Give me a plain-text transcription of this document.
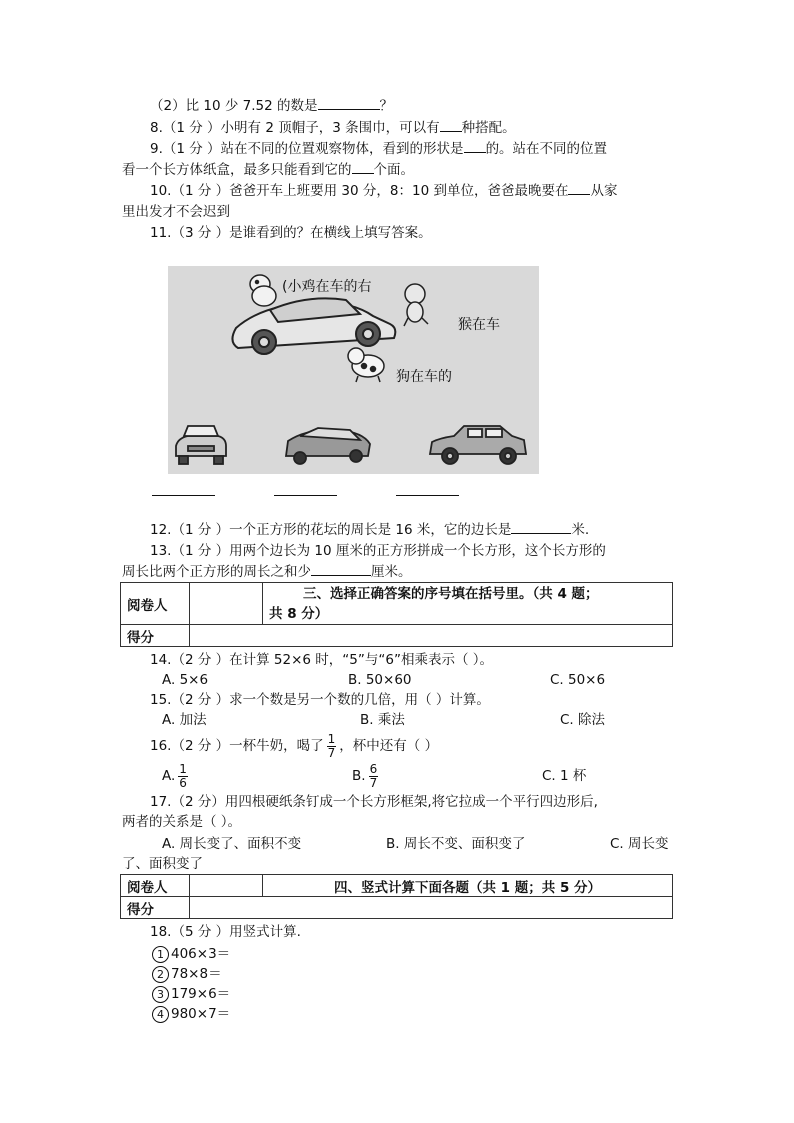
（2）比 10 少 7.52 的数是	？
8.（1 分 ）小明有 2 顶帽子，3 条围巾，可以有 种搭配。
9.（1 分 ）站在不同的位置观察物体，看到的形状是 的。站在不同的位置
看一个长方体纸盒，最多只能看到它的 个面。
10.（1 分 ）爸爸开车上班要用 30 分，8：10 到单位，爸爸最晚要在 从家
里出发才不会迟到
11.（3 分 ）是谁看到的？在横线上填写答案。
(小鸡在车的右
猴在车
狗在车的
12.（1 分 ）一个正方形的花坛的周长是 16 米，它的边长是	米.
13.（1 分 ）用两个边长为 10 厘米的正方形拼成一个长方形，这个长方形的
周长比两个正方形的周长之和少	厘米。
阅卷人		三、选择正确答案的序号填在括号里。（共 4 题；
共 8 分）

得分		
14.（2 分 ）在计算 52×6 时，“5”与“6”相乘表示（ ）。
A. 5×6	B. 50×60	C. 50×6
15.（2 分 ）求一个数是另一个数的几倍，用（ ）计算。
A. 加法	B. 乘法	C. 除法
16.（2 分 ）一杯牛奶，喝了 $\frac{1}{7}$ ，杯中还有（ ）
A. $\frac{1}{6}$	B. $\frac{6}{7}$	C. 1 杯
17.（2 分）用四根硬纸条钉成一个长方形框架,将它拉成一个平行四边形后,
两者的关系是（ ）。
A. 周长变了、面积不变	B. 周长不变、面积变了	C. 周长变
了、面积变了
阅卷人		四、竖式计算下面各题（共 1 题；共 5 分）
得分		
18.（5 分 ）用竖式计算.
1 406×3＝
2 78×8＝
3 179×6＝
4 980×7＝
